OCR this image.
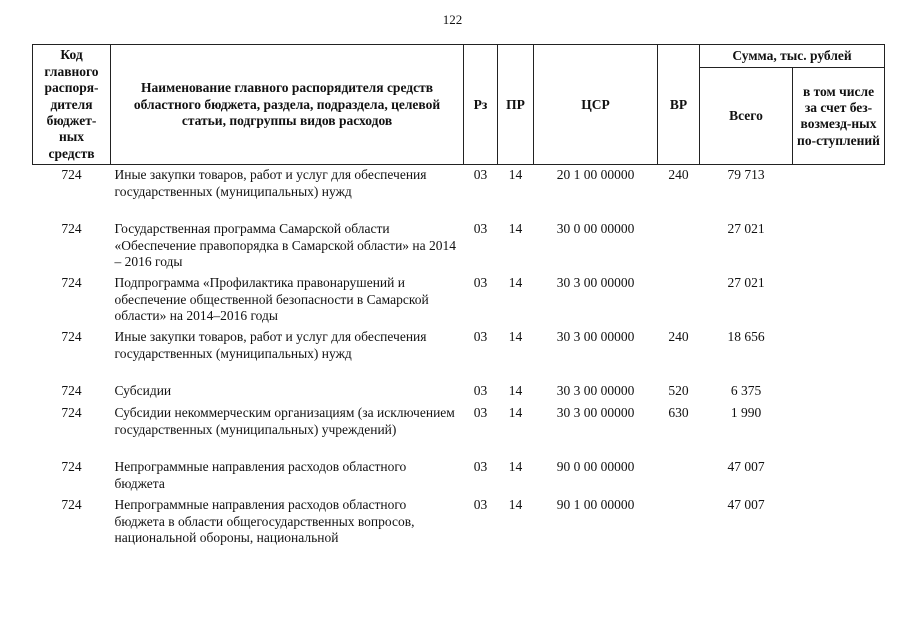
122
Код главного распоря-дителя бюджет-ных средств	Наименование главного распорядителя средств областного бюджета, раздела, подраздела, целевой статьи, подгруппы видов расходов	Рз	ПР	ЦСР	ВР	Сумма, тыс. рублей	
						Всего	в том числе за счет без-возмезд-ных по-ступлений
724	Иные закупки товаров, работ и услуг для обеспечения государственных (муниципальных) нужд	03	14	20 1 00 00000	240	79 713	
724	Государственная программа Самарской области «Обеспечение правопорядка в Самарской области» на 2014 – 2016 годы	03	14	30 0 00 00000		27 021	
724	Подпрограмма «Профилактика правонарушений и обеспечение общественной безопасности в Самарской области» на 2014–2016 годы	03	14	30 3 00 00000		27 021	
724	Иные закупки товаров, работ и услуг для обеспечения государственных (муниципальных) нужд	03	14	30 3 00 00000	240	18 656	
724	Субсидии	03	14	30 3 00 00000	520	6 375	
724	Субсидии некоммерческим организациям (за исключением государственных (муниципальных) учреждений)	03	14	30 3 00 00000	630	1 990	
724	Непрограммные направления расходов областного бюджета	03	14	90 0 00 00000		47 007	
724	Непрограммные направления расходов областного бюджета в области общегосударственных вопросов, национальной обороны, национальной	03	14	90 1 00 00000		47 007	
